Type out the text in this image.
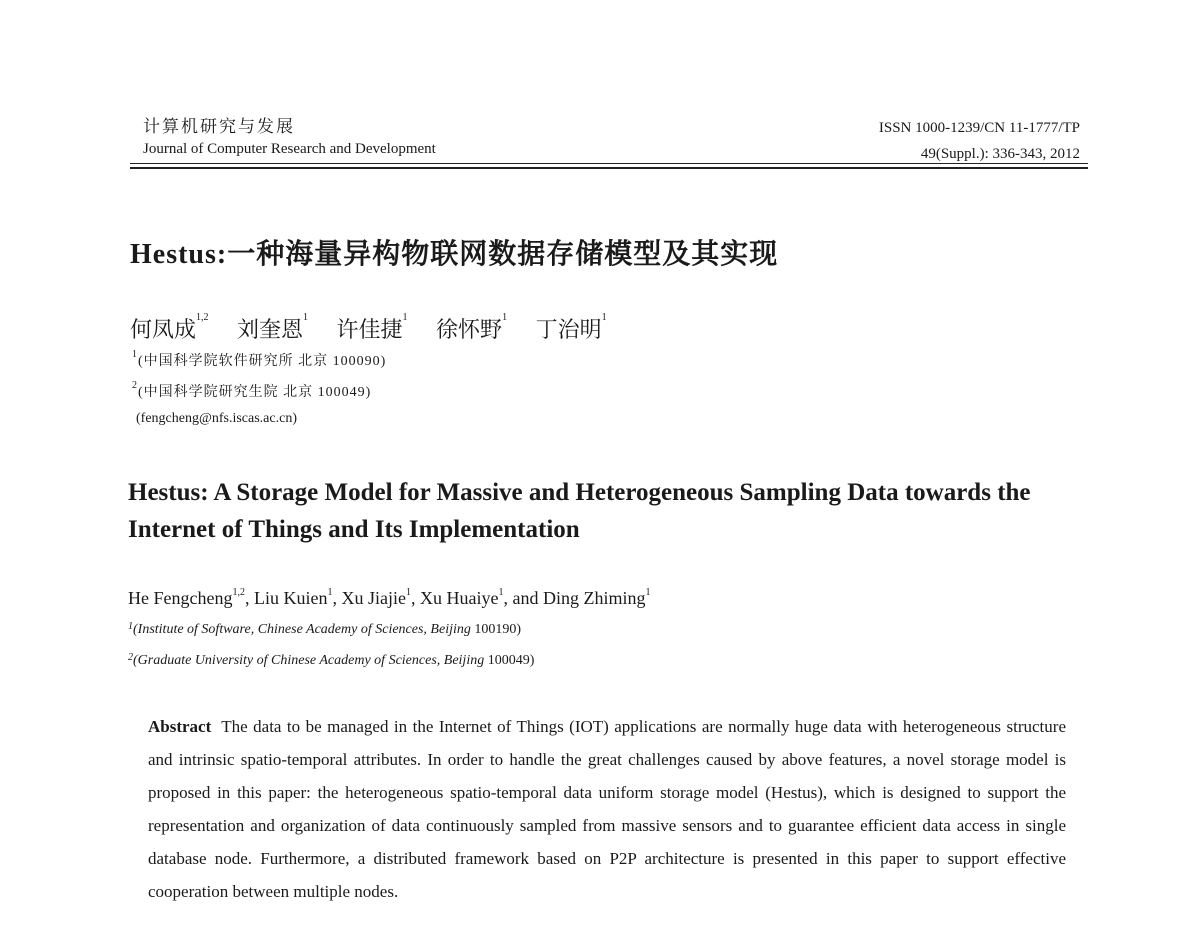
计算机研究与发展
Journal of Computer Research and Development
ISSN 1000-1239/CN 11-1777/TP
49(Suppl.): 336-343, 2012
Hestus:一种海量异构物联网数据存储模型及其实现
何凤成$^{1,2}$ 刘奎恩$^1$ 许佳捷$^1$ 徐怀野$^1$ 丁治明$^1$
$^1$(中国科学院软件研究所 北京 100090)
$^2$(中国科学院研究生院 北京 100049)
(fengcheng@nfs.iscas.ac.cn)
Hestus: A Storage Model for Massive and Heterogeneous Sampling Data towards the Internet of Things and Its Implementation
He Fengcheng$^{1,2}$, Liu Kuien$^1$, Xu Jiajie$^1$, Xu Huaiye$^1$, and Ding Zhiming$^1$
$^1$(Institute of Software, Chinese Academy of Sciences, Beijing 100190)
$^2$(Graduate University of Chinese Academy of Sciences, Beijing 100049)
Abstract The data to be managed in the Internet of Things (IOT) applications are normally huge data with heterogeneous structure and intrinsic spatio-temporal attributes. In order to handle the great challenges caused by above features, a novel storage model is proposed in this paper: the heterogeneous spatio-temporal data uniform storage model (Hestus), which is designed to support the representation and organization of data continuously sampled from massive sensors and to guarantee efficient data access in single database node. Furthermore, a distributed framework based on P2P architecture is presented in this paper to support effective cooperation between multiple nodes.
